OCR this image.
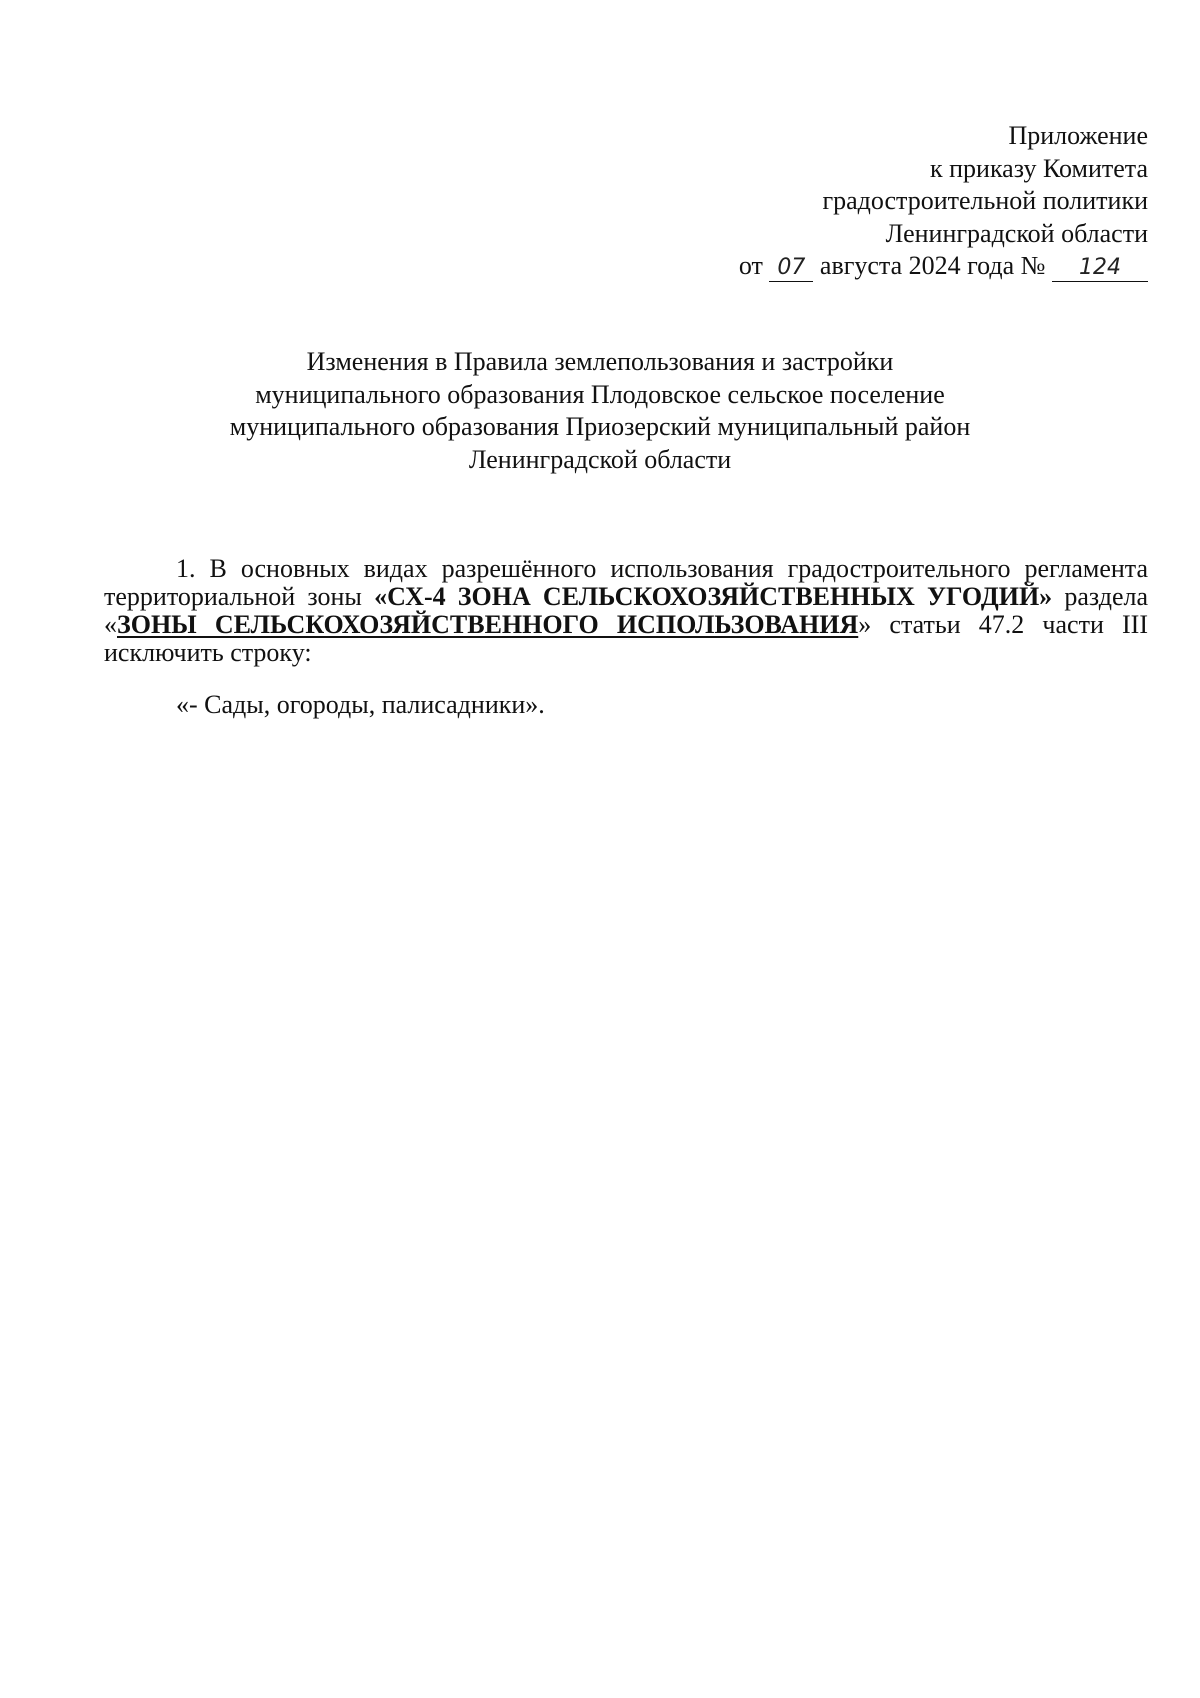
Приложение
к приказу Комитета
градостроительной политики
Ленинградской области
от 07 августа 2024 года № 124
Изменения в Правила землепользования и застройки
муниципального образования Плодовское сельское поселение
муниципального образования Приозерский муниципальный район
Ленинградской области

1. В основных видах разрешённого использования градостроительного регламента территориальной зоны «СХ-4 ЗОНА СЕЛЬСКОХОЗЯЙСТВЕННЫХ УГОДИЙ» раздела «ЗОНЫ СЕЛЬСКОХОЗЯЙСТВЕННОГО ИСПОЛЬЗОВАНИЯ» статьи 47.2 части III исключить строку:

«- Сады, огороды, палисадники».
